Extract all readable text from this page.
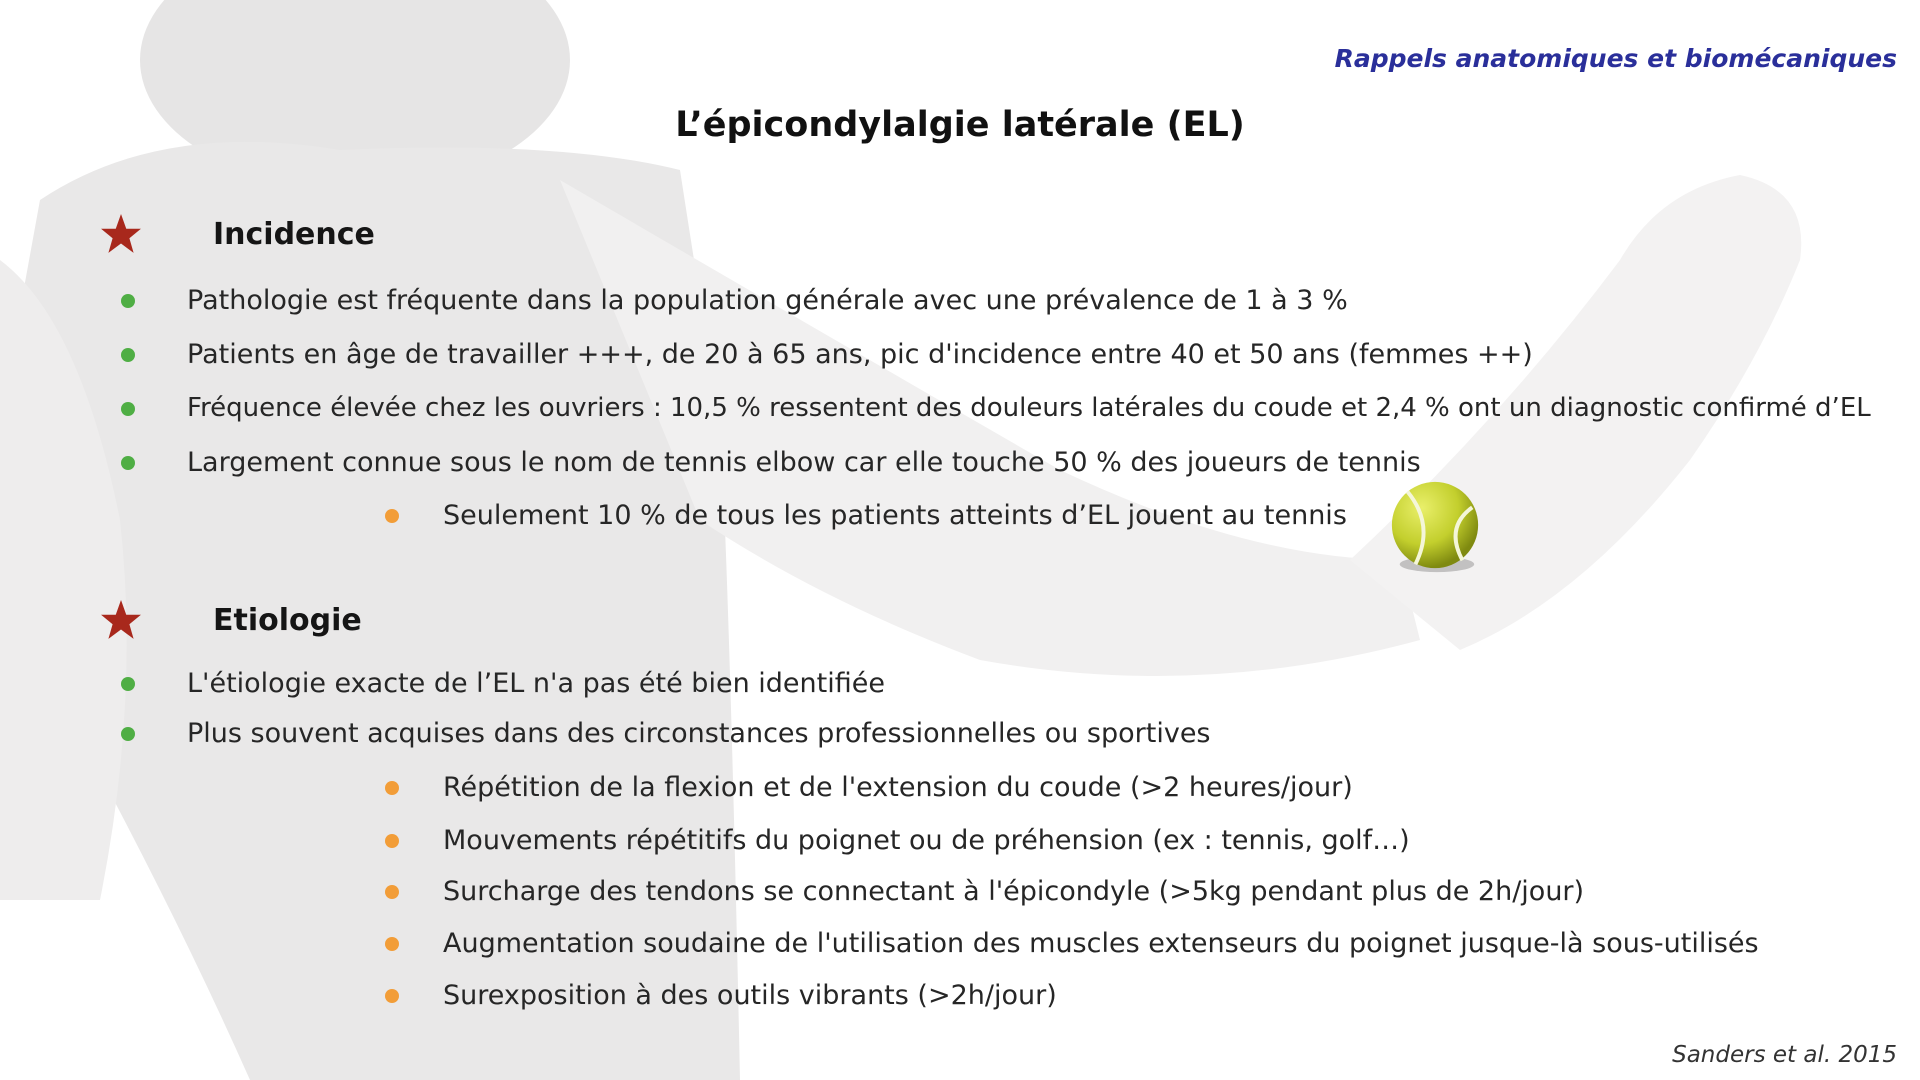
Rappels anatomiques et biomécaniques
L’épicondylalgie latérale (EL)
Incidence
Pathologie est fréquente dans la population générale avec une prévalence de 1 à 3 %
Patients en âge de travailler +++, de 20 à 65 ans, pic d'incidence entre 40 et 50 ans (femmes ++)
Fréquence élevée chez les ouvriers : 10,5 % ressentent des douleurs latérales du coude et 2,4 % ont un diagnostic confirmé d’EL
Largement connue sous le nom de tennis elbow car elle touche 50 % des joueurs de tennis
Seulement 10 % de tous les patients atteints d’EL jouent au tennis
Etiologie
L'étiologie exacte de l’EL n'a pas été bien identifiée
Plus souvent acquises dans des circonstances professionnelles ou sportives
Répétition de la flexion et de l'extension du coude (>2 heures/jour)
Mouvements répétitifs du poignet ou de préhension (ex : tennis, golf…)
Surcharge des tendons se connectant à l'épicondyle (>5kg pendant plus de 2h/jour)
Augmentation soudaine de l'utilisation des muscles extenseurs du poignet jusque-là sous-utilisés
Surexposition à des outils vibrants (>2h/jour)
Sanders et al. 2015
